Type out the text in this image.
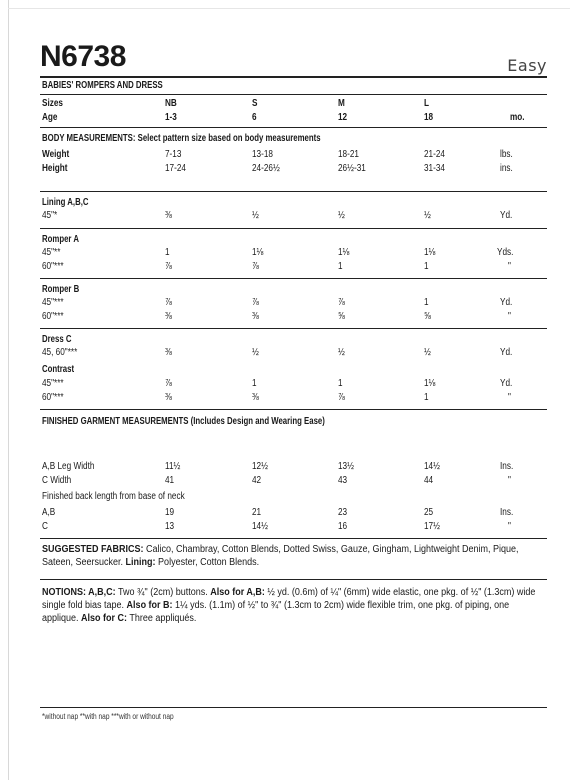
N6738	Easy
BABIES' ROMPERS AND DRESS
Sizes	NB	S	M	L
Age	1-3	6	12	18	mo.
BODY MEASUREMENTS: Select pattern size based on body measurements
Weight	7-13	13-18	18-21	21-24	lbs.
Height	17-24	24-26½	26½-31	31-34	ins.
Lining A,B,C
45"*	⅜	½	½	½	Yd.
Romper A
45"**	1	1⅛	1⅛	1⅛	Yds.
60"***	⅞	⅞	1	1	"
Romper B
45"***	⅞	⅞	⅞	1	Yd.
60"***	⅜	⅜	⅝	⅝	"
Dress C
45, 60"***	⅜	½	½	½	Yd.
Contrast
45"***	⅞	1	1	1⅛	Yd.
60"***	⅜	⅜	⅞	1	"
FINISHED GARMENT MEASUREMENTS (Includes Design and Wearing Ease)
A,B Leg Width	11½	12½	13½	14½	Ins.
C Width	41	42	43	44	"
Finished back length from base of neck
A,B	19	21	23	25	Ins.
C	13	14½	16	17½	"
SUGGESTED FABRICS: Calico, Chambray, Cotton Blends, Dotted Swiss, Gauze, Gingham, Lightweight Denim, Pique, Sateen, Seersucker. Lining: Polyester, Cotton Blends.
NOTIONS: A,B,C: Two ¾" (2cm) buttons. Also for A,B: ½ yd. (0.6m) of ¼" (6mm) wide elastic, one pkg. of ½" (1.3cm) wide single fold bias tape. Also for B: 1¼ yds. (1.1m) of ½" to ¾" (1.3cm to 2cm) wide flexible trim, one pkg. of piping, one applique. Also for C: Three appliqués.
*without nap **with nap ***with or without nap
